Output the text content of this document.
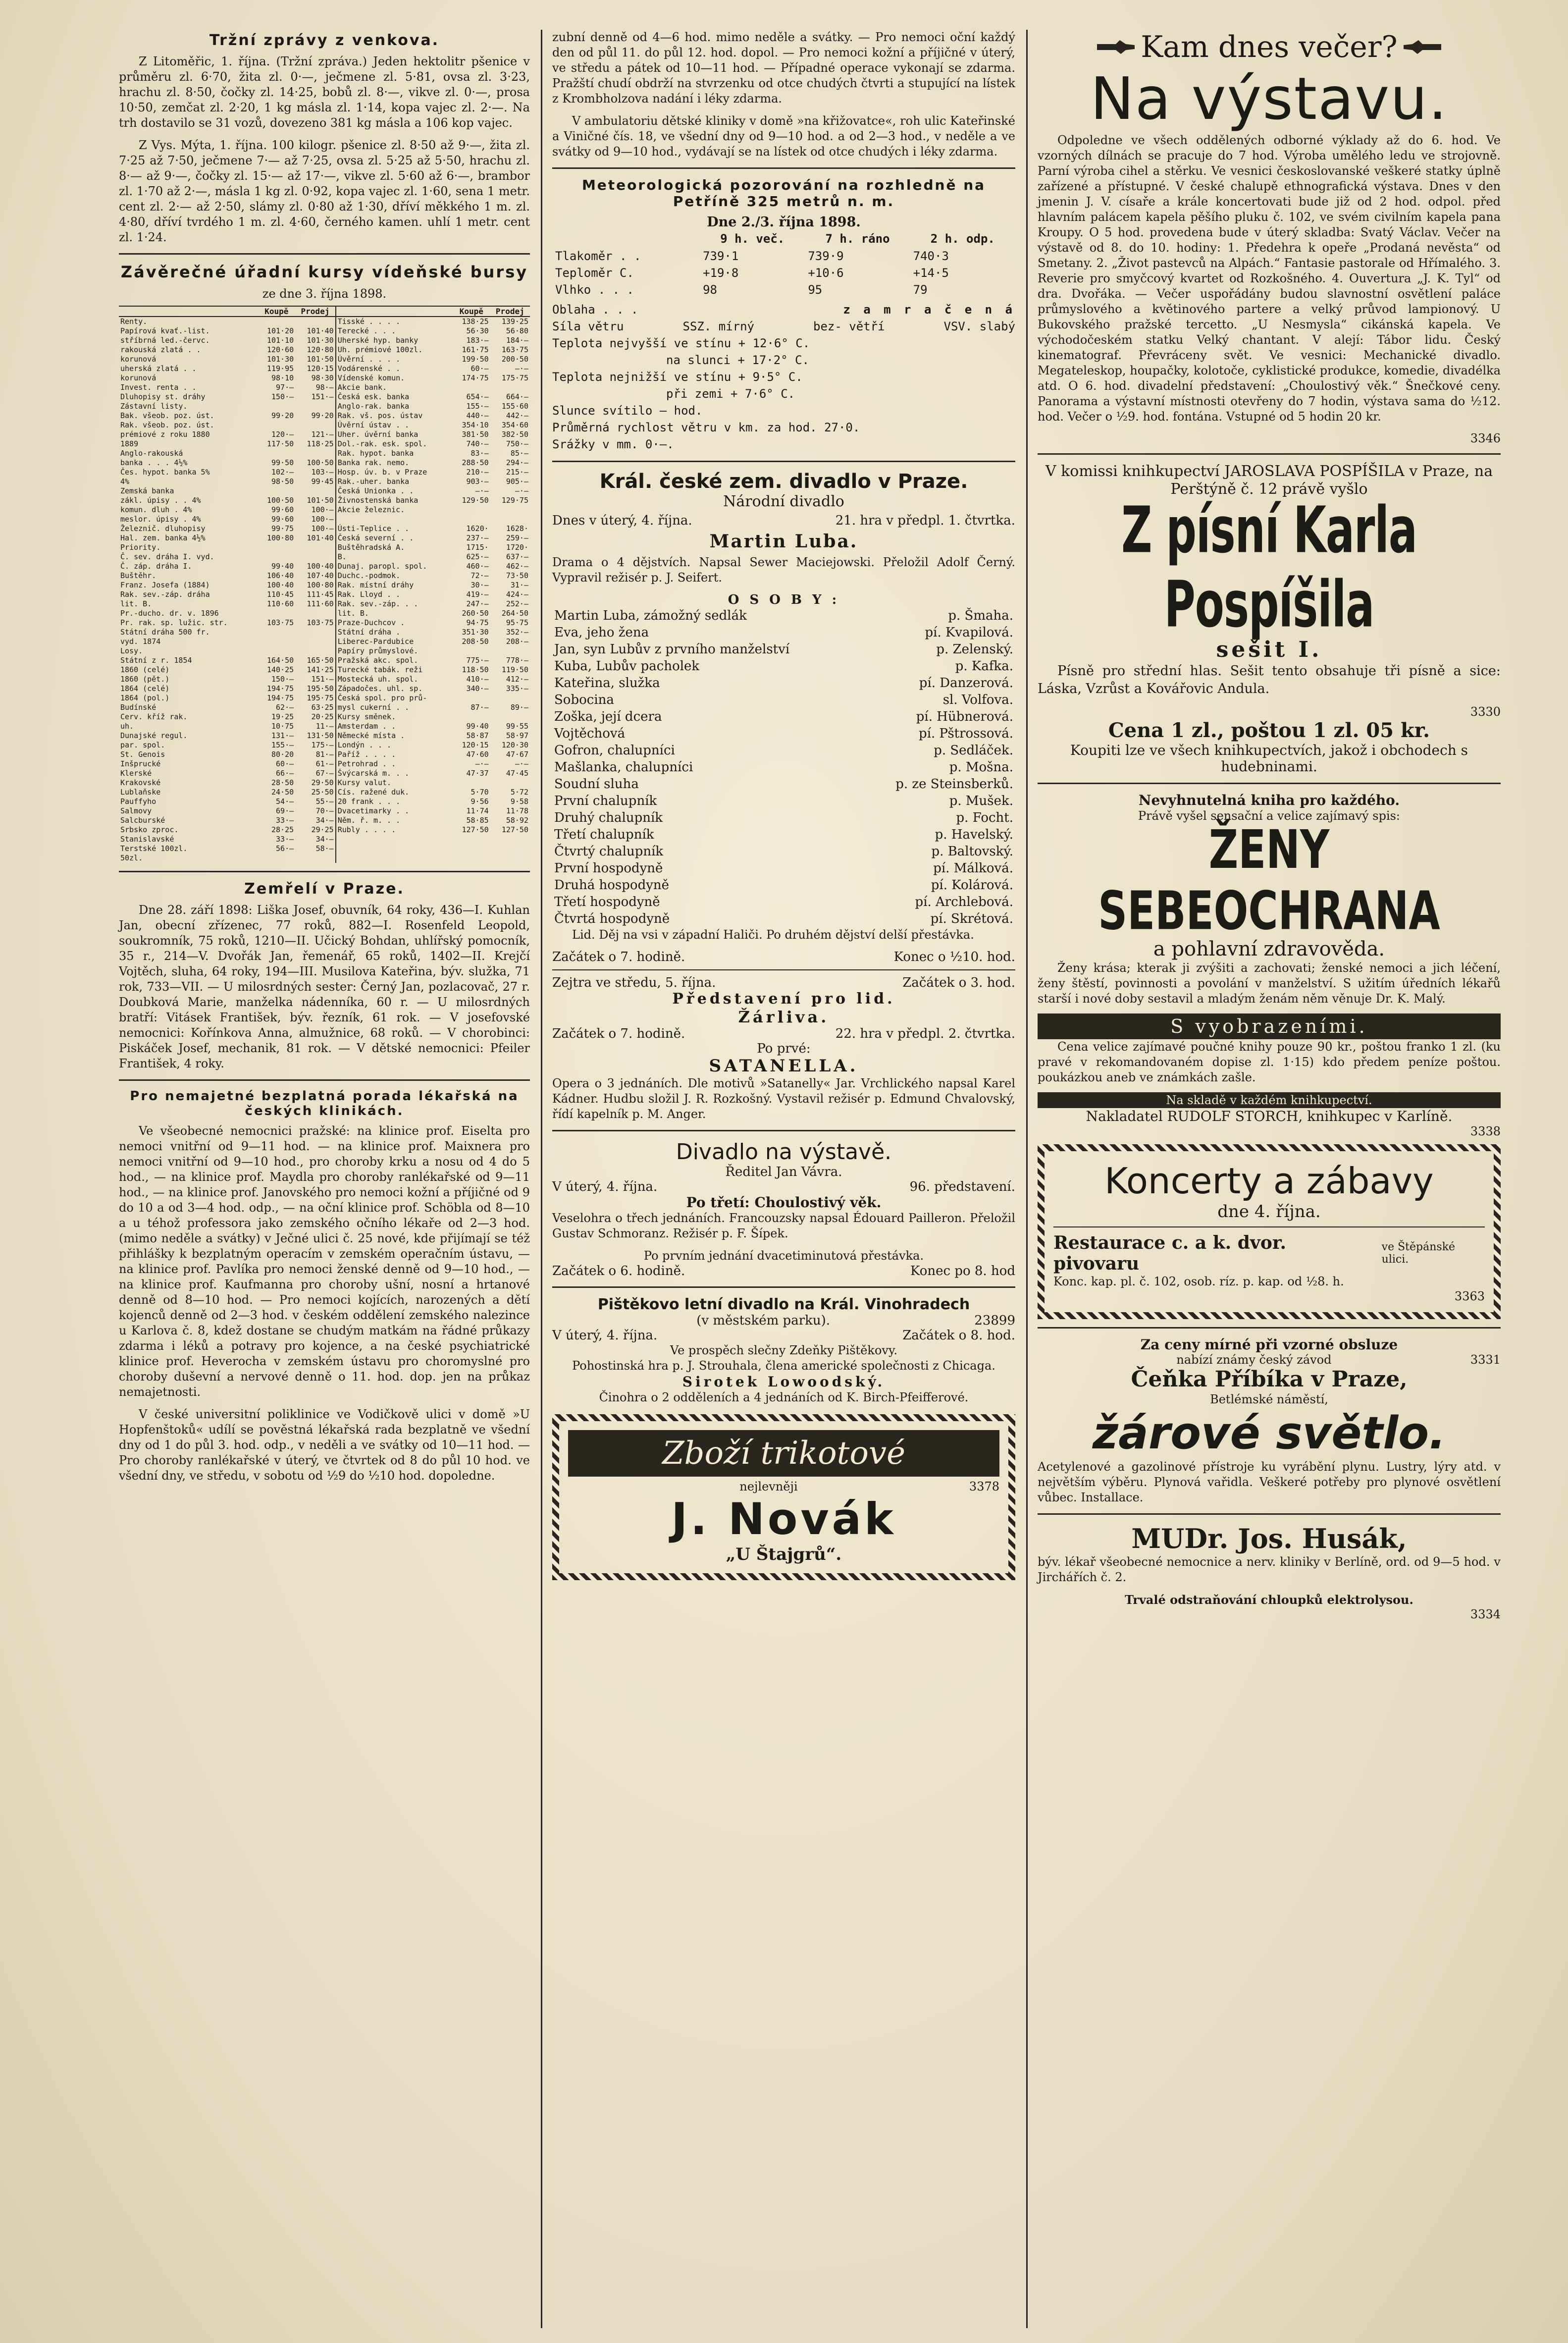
Tržní zprávy z venkova.

Z Litoměřic, 1. října. (Tržní zpráva.) Jeden hektolitr pšenice v průměru zl. 6·70, žita zl. 0·—, ječmene zl. 5·81, ovsa zl. 3·23, hrachu zl. 8·50, čočky zl. 14·25, bobů zl. 8·—, vikve zl. 0·—, prosa 10·50, zemčat zl. 2·20, 1 kg másla zl. 1·14, kopa vajec zl. 2·—. Na trh dostavilo se 31 vozů, dovezeno 381 kg másla a 106 kop vajec.

Z Vys. Mýta, 1. října. 100 kilogr. pšenice zl. 8·50 až 9·—, žita zl. 7·25 až 7·50, ječmene 7·— až 7·25, ovsa zl. 5·25 až 5·50, hrachu zl. 8·— až 9·—, čočky zl. 15·— až 17·—, vikve zl. 5·60 až 6·—, brambor zl. 1·70 až 2·—, másla 1 kg zl. 0·92, kopa vajec zl. 1·60, sena 1 metr. cent zl. 2·— až 2·50, slámy zl. 0·80 až 1·30, dříví měkkého 1 m. zl. 4·80, dříví tvrdého 1 m. zl. 4·60, černého kamen. uhlí 1 metr. cent zl. 1·24.

Závěrečné úřadní kursy vídeňské bursy

ze dne 3. října 1898.

	Koupě	Prodej		Koupě	Prodej
Renty.			Tisské . . . .	138·25	139·25
Papírová kvať.-list.	101·20	101·40	Terecké . . .	56·30	56·80
stříbrná led.-červc.	101·10	101·30	Uherské hyp. banky	183·—	184·—
rakouská zlatá . .	120·60	120·80	Uh. prémiové 100zl.	161·75	163·75
korunová	101·30	101·50	Úvěrní . . . .	199·50	200·50
uherská zlatá . .	119·95	120·15	Vodárenské . .	60·—	—·—
korunová	98·10	98·30	Vídenské komun.	174·75	175·75
Invest. renta . .	97·—	98·—	Akcie bank.		
Dluhopisy st. dráhy	150·—	151·—	Česká esk. banka	654·—	664·—
Zástavní listy.			Anglo-rak. banka	155·—	155·60
Bak. všeob. poz. úst.	99·20	99·20	Rak. vš. pos. ústav	440·—	442·—
Rak. všeob. poz. úst.			Úvěrní ústav . .	354·10	354·60
prémiové z roku 1880	120·—	121·—	Uher. úvěrní banka	381·50	382·50
1889	117·50	118·25	Dol.-rak. esk. spol.	740·—	750·—
Anglo-rakouská			Rak. hypot. banka	83·—	85·—
banka . . . 4½%	99·50	100·50	Banka rak. nemo.	288·50	294·—
Čes. hypot. banka 5%	102·—	103·—	Hosp. úv. b. v Praze	210·—	215·—
4%	98·50	99·45	Rak.-uher. banka	903·—	905·—
Zemská banka			Česká Unionka . .	—·—	—·—
zákl. úpisy . . 4%	100·50	101·50	Živnostenská banka	129·50	129·75
komun. dluh . 4%	99·60	100·—	Akcie železnic.		
meslor. úpisy . 4%	99·60	100·—			
Železnič. dluhopisy	99·75	100·—	Ústi-Teplice . .	1620·	1628·
Hal. zem. banka 4½%	100·80	101·40	Česká severní . .	237·—	259·—
Priority.			Buštěhradská A.	1715·	1720·
Č. sev. dráha I. vyd.			B.	625·—	637·—
Č. záp. dráha I.	99·40	100·40	Dunaj. paropl. spol.	460·—	462·—
Buštěhr.	106·40	107·40	Duchc.-podmok.	72·—	73·50
Franz. Josefa (1884)	100·40	100·80	Rak. místní dráhy	30·—	31·—
Rak. sev.-záp. dráha	110·45	111·45	Rak. Lloyd . .	419·—	424·—
lit. B.	110·60	111·60	Rak. sev.-záp. . .	247·—	252·—
Pr.-ducho. dr. v. 1896			lit. B.	260·50	264·50
Pr. rak. sp. lužic. str.	103·75	103·75	Praze-Duchcov .	94·75	95·75
Státní dráha 500 fr.			Státní dráha .	351·30	352·—
vyd. 1874			Liberec-Pardubice	208·50	208·—
Losy.			Papíry průmyslové.		
Státní z r. 1854	164·50	165·50	Pražská akc. spol.	775·—	778·—
1860 (celé)	140·25	141·25	Turecké tabák. reži	118·50	119·50
1860 (pět.)	150·—	151·—	Mostecká uh. spol.	410·—	412·—
1864 (celé)	194·75	195·50	Západočes. uhl. sp.	340·—	335·—
1864 (pol.)	194·75	195·75	Česká spol. pro prů-		
Budínské	62·—	63·25	mysl cukerní . .	87·—	89·—
Cerv. kříž rak.	19·25	20·25	Kursy směnek.		
uh.	10·75	11·—	Amsterdam . .	99·40	99·55
Dunajské regul.	131·—	131·50	Německé místa .	58·87	58·97
par. spol.	155·—	175·—	Londýn . . .	120·15	120·30
St. Genois	80·20	81·—	Paříž . . . .	47·60	47·67
Inšprucké	60·—	61·—	Petrohrad . .	—·—	—·—
Klerské	66·—	67·—	Švýcarská m. . .	47·37	47·45
Krakovské	28·50	29·50	Kursy valut.		
Lublaňske	24·50	25·50	Cís. ražené duk.	5·70	5·72
Pauffyho	54·—	55·—	20 frank . . .	9·56	9·58
Salmovy	69·—	70·—	Dvacetimarky . .	11·74	11·78
Salcburské	33·—	34·—	Něm. ř. m. . .	58·85	58·92
Srbsko zproc.	28·25	29·25	Rubly . . . .	127·50	127·50
Stanislavské	33·—	34·—			
Terstské 100zl.	56·—	58·—			
50zl.					
Zemřelí v Praze.

Dne 28. září 1898: Liška Josef, obuvník, 64 roky, 436—I. Kuhlan Jan, obecní zřízenec, 77 roků, 882—I. Rosenfeld Leopold, soukromník, 75 roků, 1210—II. Učický Bohdan, uhlířský pomocník, 35 r., 214—V. Dvořák Jan, řemenář, 65 roků, 1402—II. Krejčí Vojtěch, sluha, 64 roky, 194—III. Musilova Kateřina, býv. služka, 71 rok, 733—VII. — U milosrdných sester: Černý Jan, pozlacovač, 27 r. Doubková Marie, manželka nádenníka, 60 r. — U milosrdných bratří: Vitásek František, býv. řezník, 61 rok. — V josefovské nemocnici: Kořínkova Anna, almužnice, 68 roků. — V chorobinci: Piskáček Josef, mechanik, 81 rok. — V dětské nemocnici: Pfeiler František, 4 roky.

Pro nemajetné bezplatná porada lékařská na českých klinikách.

Ve všeobecné nemocnici pražské: na klinice prof. Eiselta pro nemoci vnitřní od 9—11 hod. — na klinice prof. Maixnera pro nemoci vnitřní od 9—10 hod., pro choroby krku a nosu od 4 do 5 hod., — na klinice prof. Maydla pro choroby ranlékařské od 9—11 hod., — na klinice prof. Janovského pro nemoci kožní a příjičné od 9 do 10 a od 3—4 hod. odp., — na oční klinice prof. Schöbla od 8—10 a u téhož professora jako zemského očního lékaře od 2—3 hod. (mimo neděle a svátky) v Ječné ulici č. 25 nové, kde přijímají se též přihlášky k bezplatným operacím v zemském operačním ústavu, — na klinice prof. Pavlíka pro nemoci ženské denně od 9—10 hod., — na klinice prof. Kaufmanna pro choroby ušní, nosní a hrtanové denně od 8—10 hod. — Pro nemoci kojících, narozených a dětí kojenců denně od 2—3 hod. v českém oddělení zemského nalezince u Karlova č. 8, kdež dostane se chudým matkám na řádné průkazy zdarma i léků a potravy pro kojence, a na české psychiatrické klinice prof. Heverocha v zemském ústavu pro choromyslné pro choroby duševní a nervové denně o 11. hod. dop. jen na průkaz nemajetnosti.

V české universitní poliklinice ve Vodičkově ulici v domě »U Hopfenštoků« udílí se pověstná lékařská rada bezplatně ve všední dny od 1 do půl 3. hod. odp., v neděli a ve svátky od 10—11 hod. — Pro choroby ranlékařské v úterý, ve čtvrtek od 8 do půl 10 hod. ve všední dny, ve středu, v sobotu od ½9 do ½10 hod. dopoledne.

zubní denně od 4—6 hod. mimo neděle a svátky. — Pro nemoci oční každý den od půl 11. do půl 12. hod. dopol. — Pro nemoci kožní a příjičné v úterý, ve středu a pátek od 10—11 hod. — Případné operace vykonají se zdarma. Pražští chudí obdrží na stvrzenku od otce chudých čtvrti a stupující na lístek z Krombholzova nadání i léky zdarma.

V ambulatoriu dětské kliniky v domě »na křižovatce«, roh ulic Kateřinské a Viničné čís. 18, ve všední dny od 9—10 hod. a od 2—3 hod., v neděle a ve svátky od 9—10 hod., vydávají se na lístek od otce chudých i léky zdarma.

Meteorologická pozorování na rozhledně na Petříně 325 metrů n. m.

Dne 2./3. října 1898.

	9 h. več.	7 h. ráno	2 h. odp.
Tlakoměr . .	739·1	739·9	740·3
Teploměr C.	+19·8	+10·6	+14·5
Vlhko . . .	98	95	79
Oblaha . . .	z a m r a č e n á
Síla větru	SSZ. mírný	bez- větří	VSV. slabý

Teplota nejvyšší ve stínu + 12·6° C.

na slunci + 17·2° C.

Teplota nejnižší ve stínu + 9·5° C.

při zemi + 7·6° C.

Slunce svítilo — hod.

Průměrná rychlost větru v km. za hod. 27·0.

Srážky v mm. 0·—.

Král. české zem. divadlo v Praze.

Národní divadlo

Dnes v úterý, 4. října.	21. hra v předpl. 1. čtvrtka.

Martin Luba.

Drama o 4 dějstvích. Napsal Sewer Maciejowski. Přeložil Adolf Černý. Vypravil režisér p. J. Seifert.

O S O B Y :

Martin Luba, zámožný sedlák	p. Šmaha.
Eva, jeho žena	pí. Kvapilová.
Jan, syn Lubův z prvního manželství	p. Zelenský.
Kuba, Lubův pacholek	p. Kafka.
Kateřina, služka	pí. Danzerová.
Sobocina	sl. Volfova.
Zoška, její dcera	pí. Hübnerová.
Vojtěchová	pí. Pštrossová.
Gofron, chalupníci	p. Sedláček.
Mašlanka, chalupníci	p. Mošna.
Soudní sluha	p. ze Steinsberků.
První chalupník	p. Mušek.
Druhý chalupník	p. Focht.
Třetí chalupník	p. Havelský.
Čtvrtý chalupník	p. Baltovský.
První hospodyně	pí. Málková.
Druhá hospodyně	pí. Kolárová.
Třetí hospodyně	pí. Archlebová.
Čtvrtá hospodyně	pí. Skrétová.

Lid. Děj na vsi v západní Haliči. Po druhém dějství delší přestávka.

Začátek o 7. hodině.	Konec o ½10. hod.
Zejtra ve středu, 5. října.	Začátek o 3. hod.

Představení pro lid.

Žárliva.

Začátek o 7. hodině.	22. hra v předpl. 2. čtvrtka.

Po prvé:

SATANELLA.

Opera o 3 jednáních. Dle motivů »Satanelly« Jar. Vrchlického napsal Karel Kádner. Hudbu složil J. R. Rozkošný. Vystavil režisér p. Edmund Chvalovský, řídí kapelník p. M. Anger.

Divadlo na výstavě.

Ředitel Jan Vávra.

V úterý, 4. října.	96. představení.

Po třetí: Choulostivý věk.

Veselohra o třech jednáních. Francouzsky napsal Édouard Pailleron. Přeložil Gustav Schmoranz. Režisér p. F. Šípek.

Po prvním jednání dvacetiminutová přestávka.

Začátek o 6. hodině.	Konec po 8. hod
Pištěkovo letní divadlo na Král. Vinohradech
(v městském parku).	23899
V úterý, 4. října.	Začátek o 8. hod.

Ve prospěch slečny Zdeňky Pištěkovy.

Pohostinská hra p. J. Strouhala, člena americké společnosti z Chicaga.

Sirotek Lowoodský.

Činohra o 2 odděleních a 4 jednáních od K. Birch-Pfeifferové.

Zboží trikotové
nejlevněji	3378
J. Novák

„U Štajgrů“.

Kam dnes večer?
Na výstavu.

Odpoledne ve všech oddělených odborné výklady až do 6. hod. Ve vzorných dílnách se pracuje do 7 hod. Výroba umělého ledu ve strojovně. Parní výroba cihel a stěrku. Ve vesnici českoslovanské veškeré statky úplně zařízené a přístupné. V české chalupě ethnografická výstava. Dnes v den jmenin J. V. císaře a krále koncertovati bude již od 2 hod. odpol. před hlavním palácem kapela pěšího pluku č. 102, ve svém civilním kapela pana Kroupy. O 5 hod. provedena bude v úterý skladba: Svatý Václav. Večer na výstavě od 8. do 10. hodiny: 1. Předehra k opeře „Prodaná nevěsta“ od Smetany. 2. „Život pastevců na Alpách.“ Fantasie pastorale od Hřímalého. 3. Reverie pro smyčcový kvartet od Rozkošného. 4. Ouvertura „J. K. Tyl“ od dra. Dvořáka. — Večer uspořádány budou slavnostní osvětlení paláce průmyslového a květinového partere a velký průvod lampionový. U Bukovského pražské tercetto. „U Nesmysla“ cikánská kapela. Ve východočeském statku Velký chantant. V alejí: Tábor lidu. Český kinematograf. Převráceny svět. Ve vesnici: Mechanické divadlo. Megateleskop, houpačky, kolotoče, cyklistické produkce, komedie, divadélka atd. O 6. hod. divadelní představení: „Choulostivý věk.“ Šnečkové ceny. Panorama a výstavní místnosti otevřeny do 7 hodin, výstava sama do ½12. hod. Večer o ½9. hod. fontána. Vstupné od 5 hodin 20 kr.

3346

V komissi knihkupectví JAROSLAVA POSPÍŠILA v Praze, na Perštýně č. 12 právě vyšlo

Z písní Karla Pospíšila

sešit I.

Písně pro střední hlas. Sešit tento obsahuje tři písně a sice: Láska, Vzrůst a Kovářovic Andula.

3330

Cena 1 zl., poštou 1 zl. 05 kr.

Koupiti lze ve všech knihkupectvích, jakož i obchodech s hudebninami.

Nevyhnutelná kniha pro každého.

Právě vyšel sensační a velice zajímavý spis:

ŽENY SEBEOCHRANA

a pohlavní zdravověda.

Ženy krása; kterak ji zvýšiti a zachovati; ženské nemoci a jich léčení, ženy štěstí, povinnosti a povolání v manželství. S užitím úředních lékařů starší i nové doby sestavil a mladým ženám něm věnuje Dr. K. Malý.

S vyobrazeními.

Cena velice zajímavé poučné knihy pouze 90 kr., poštou franko 1 zl. (ku pravé v rekomandovaném dopise zl. 1·15) kdo předem peníze poštou. poukázkou aneb ve známkách zašle.

Na skladě v každém knihkupectví.

Nakladatel RUDOLF STORCH, knihkupec v Karlíně.

3338

Koncerty a zábavy

dne 4. října.

Restaurace c. a k. dvor. pivovaru
ve Štěpánské ulici.

Konc. kap. pl. č. 102, osob. ríz. p. kap. od ½8. h.

3363

Za ceny mírné při vzorné obsluze

nabízí známy český závod	3331

Čeňka Příbíka v Praze,

Betlémské náměstí,

žárové světlo.

Acetylenové a gazolinové přístroje ku vyrábění plynu. Lustry, lýry atd. v největším výběru. Plynová vařidla. Veškeré potřeby pro plynové osvětlení vůbec. Installace.

MUDr. Jos. Husák,

býv. lékař všeobecné nemocnice a nerv. kliniky v Berlíně, ord. od 9—5 hod. v Jirchářích č. 2.

Trvalé odstraňování chloupků elektrolysou.

3334
